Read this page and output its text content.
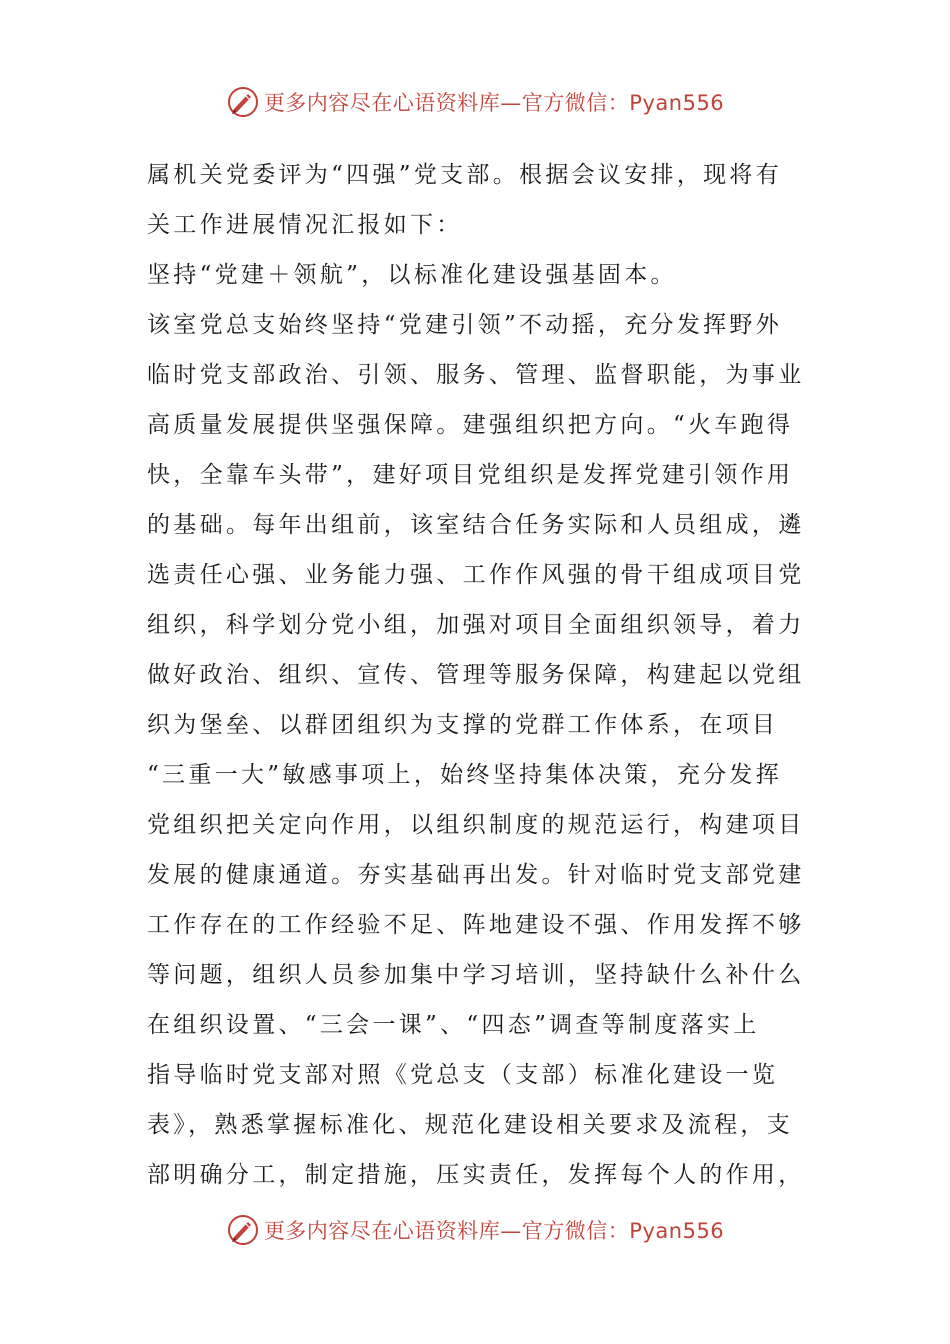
更多内容尽在心语资料库—官方微信：Pyan556
属机关党委评为“四强”党支部。根据会议安排，现将有
关工作进展情况汇报如下：
坚持“党建＋领航”，以标准化建设强基固本。
该室党总支始终坚持“党建引领”不动摇，充分发挥野外
临时党支部政治、引领、服务、管理、监督职能，为事业
高质量发展提供坚强保障。建强组织把方向。“火车跑得
快，全靠车头带”，建好项目党组织是发挥党建引领作用
的基础。每年出组前，该室结合任务实际和人员组成，遴
选责任心强、业务能力强、工作作风强的骨干组成项目党
组织，科学划分党小组，加强对项目全面组织领导，着力
做好政治、组织、宣传、管理等服务保障，构建起以党组
织为堡垒、以群团组织为支撑的党群工作体系，在项目
“三重一大”敏感事项上，始终坚持集体决策，充分发挥
党组织把关定向作用，以组织制度的规范运行，构建项目
发展的健康通道。夯实基础再出发。针对临时党支部党建
工作存在的工作经验不足、阵地建设不强、作用发挥不够
等问题，组织人员参加集中学习培训，坚持缺什么补什么
在组织设置、“三会一课”、“四态”调查等制度落实上
指导临时党支部对照《党总支（支部）标准化建设一览
表》，熟悉掌握标准化、规范化建设相关要求及流程，支
部明确分工，制定措施，压实责任，发挥每个人的作用，
更多内容尽在心语资料库—官方微信：Pyan556
